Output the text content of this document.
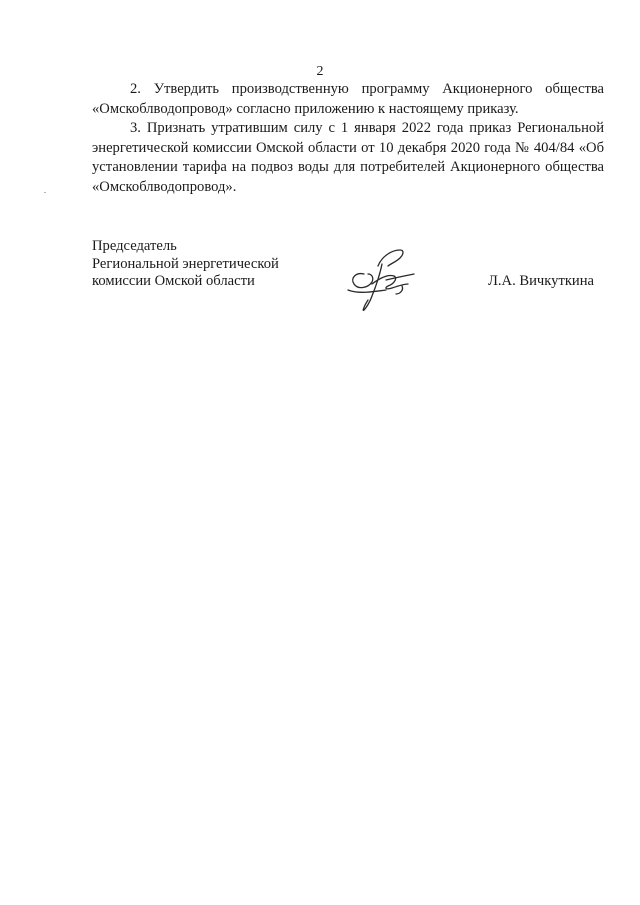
2

2. Утвердить производственную программу Акционерного общества «Омскоблводопровод» согласно приложению к настоящему приказу.

3. Признать утратившим силу с 1 января 2022 года приказ Региональной энергетической комиссии Омской области от 10 декабря 2020 года № 404/84 «Об установлении тарифа на подвоз воды для потребителей Акционерного общества «Омскоблводопровод».

Председатель
Региональной энергетической
комиссии Омской области	Л.А. Вичкуткина
